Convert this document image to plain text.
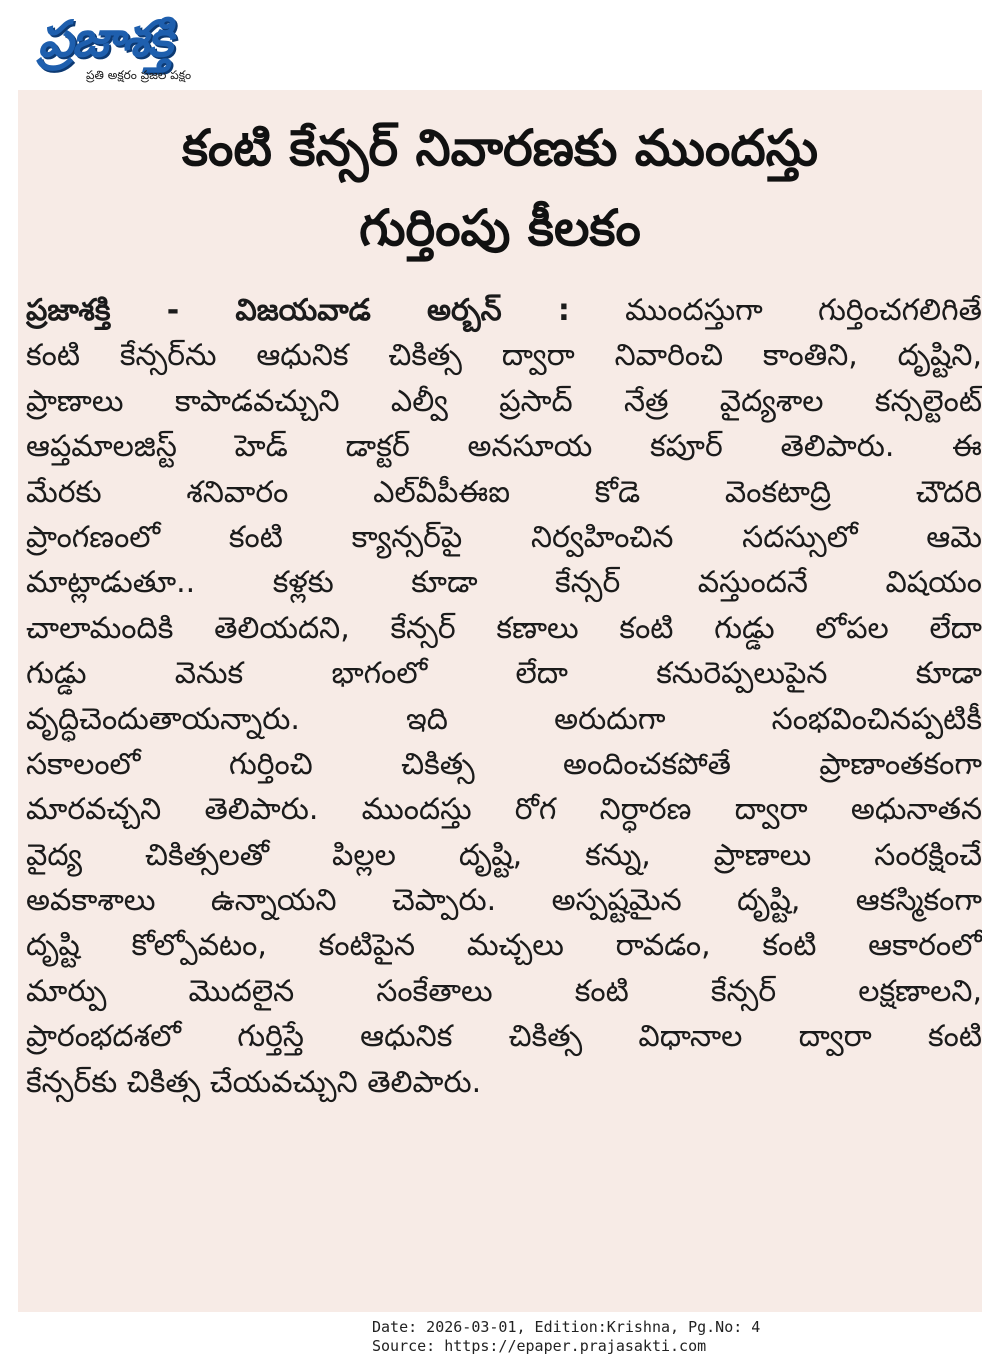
ప్రజాశక్తి
ప్రతి అక్షరం ప్రజల పక్షం
కంటి కేన్సర్ నివారణకు ముందస్తు
గుర్తింపు కీలకం
ప్రజాశక్తి - విజయవాడ అర్బన్ : ముందస్తుగా గుర్తించగలిగితే
కంటి కేన్సర్‌ను ఆధునిక చికిత్స ద్వారా నివారించి కాంతిని, దృష్టిని,
ప్రాణాలు కాపాడవచ్చుని ఎల్వీ ప్రసాద్ నేత్ర వైద్యశాల కన్సల్టెంట్
ఆప్తమాలజిస్ట్ హెడ్ డాక్టర్ అనసూయ కపూర్ తెలిపారు. ఈ
మేరకు శనివారం ఎల్‌వీపీఈఐ కోడె వెంకటాద్రి చౌదరి
ప్రాంగణంలో కంటి క్యాన్సర్‌పై నిర్వహించిన సదస్సులో ఆమె
మాట్లాడుతూ.. కళ్లకు కూడా కేన్సర్ వస్తుందనే విషయం
చాలామందికి తెలియదని, కేన్సర్ కణాలు కంటి గుడ్డు లోపల లేదా
గుడ్డు వెనుక భాగంలో లేదా కనురెప్పలుపైన కూడా
వృద్ధిచెందుతాయన్నారు. ఇది అరుదుగా సంభవించినప్పటికీ
సకాలంలో గుర్తించి చికిత్స అందించకపోతే ప్రాణాంతకంగా
మారవచ్చని తెలిపారు. ముందస్తు రోగ నిర్ధారణ ద్వారా అధునాతన
వైద్య చికిత్సలతో పిల్లల దృష్టి, కన్ను, ప్రాణాలు సంరక్షించే
అవకాశాలు ఉన్నాయని చెప్పారు. అస్పష్టమైన దృష్టి, ఆకస్మికంగా
దృష్టి కోల్పోవటం, కంటిపైన మచ్చలు రావడం, కంటి ఆకారంలో
మార్పు మొదలైన సంకేతాలు కంటి కేన్సర్ లక్షణాలని,
ప్రారంభదశలో గుర్తిస్తే ఆధునిక చికిత్స విధానాల ద్వారా కంటి
కేన్సర్‌కు చికిత్స చేయవచ్చుని తెలిపారు.
Date: 2026-03-01, Edition:Krishna, Pg.No: 4
Source: https://epaper.prajasakti.com
